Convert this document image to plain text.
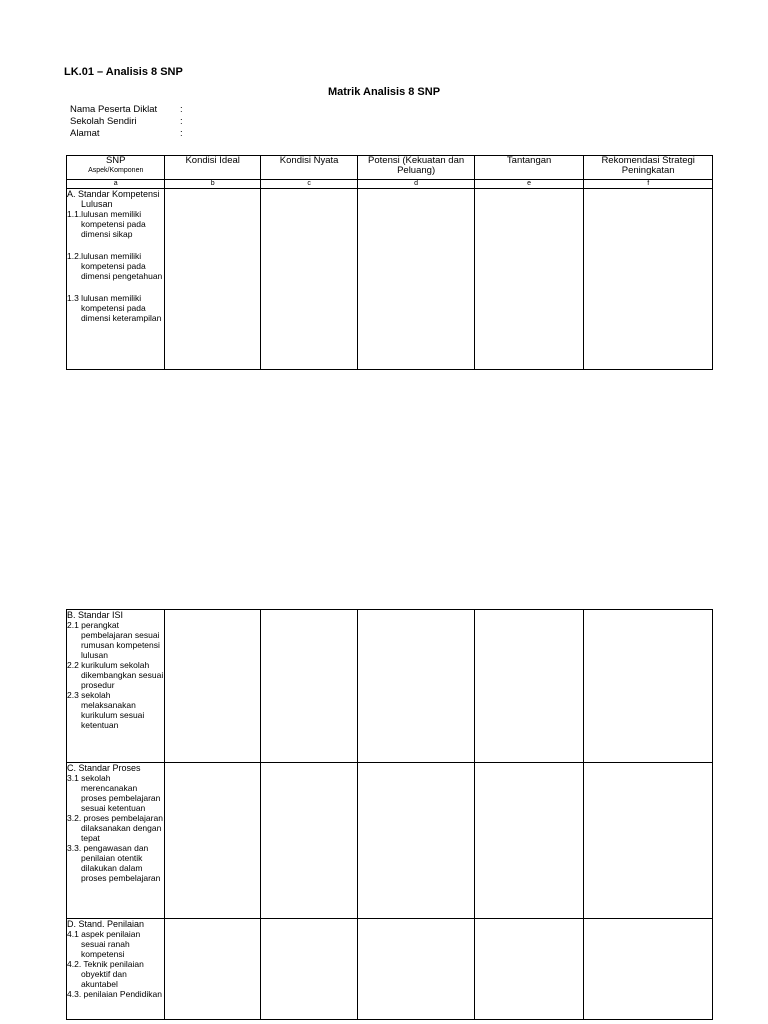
LK.01 – Analisis 8 SNP
Matrik Analisis 8 SNP
Nama Peserta Diklat	:
Sekolah Sendiri	:
Alamat	:
SNP
Aspek/Komponen	Kondisi Ideal	Kondisi Nyata	Potensi (Kekuatan dan Peluang)	Tantangan	Rekomendasi Strategi Peningkatan
a	b	c	d	e	f

A. Standar Kompetensi Lulusan
1.1.lulusan memiliki kompetensi pada dimensi sikap
1.2.lulusan memiliki kompetensi pada dimensi pengetahuan
1.3 lulusan memiliki kompetensi pada dimensi keterampilan					

B. Standar ISI
2.1 perangkat pembelajaran sesuai rumusan kompetensi lulusan
2.2 kurikulum sekolah dikembangkan sesuai prosedur
2.3 sekolah melaksanakan kurikulum sesuai ketentuan					

C. Standar Proses
3.1 sekolah merencanakan proses pembelajaran sesuai ketentuan
3.2. proses pembelajaran dilaksanakan dengan tepat
3.3. pengawasan dan penilaian otentik dilakukan dalam proses pembelajaran					

D. Stand. Penilaian
4.1 aspek penilaian sesuai ranah kompetensi
4.2. Teknik penilaian obyektif dan akuntabel
4.3. penilaian Pendidikan					
